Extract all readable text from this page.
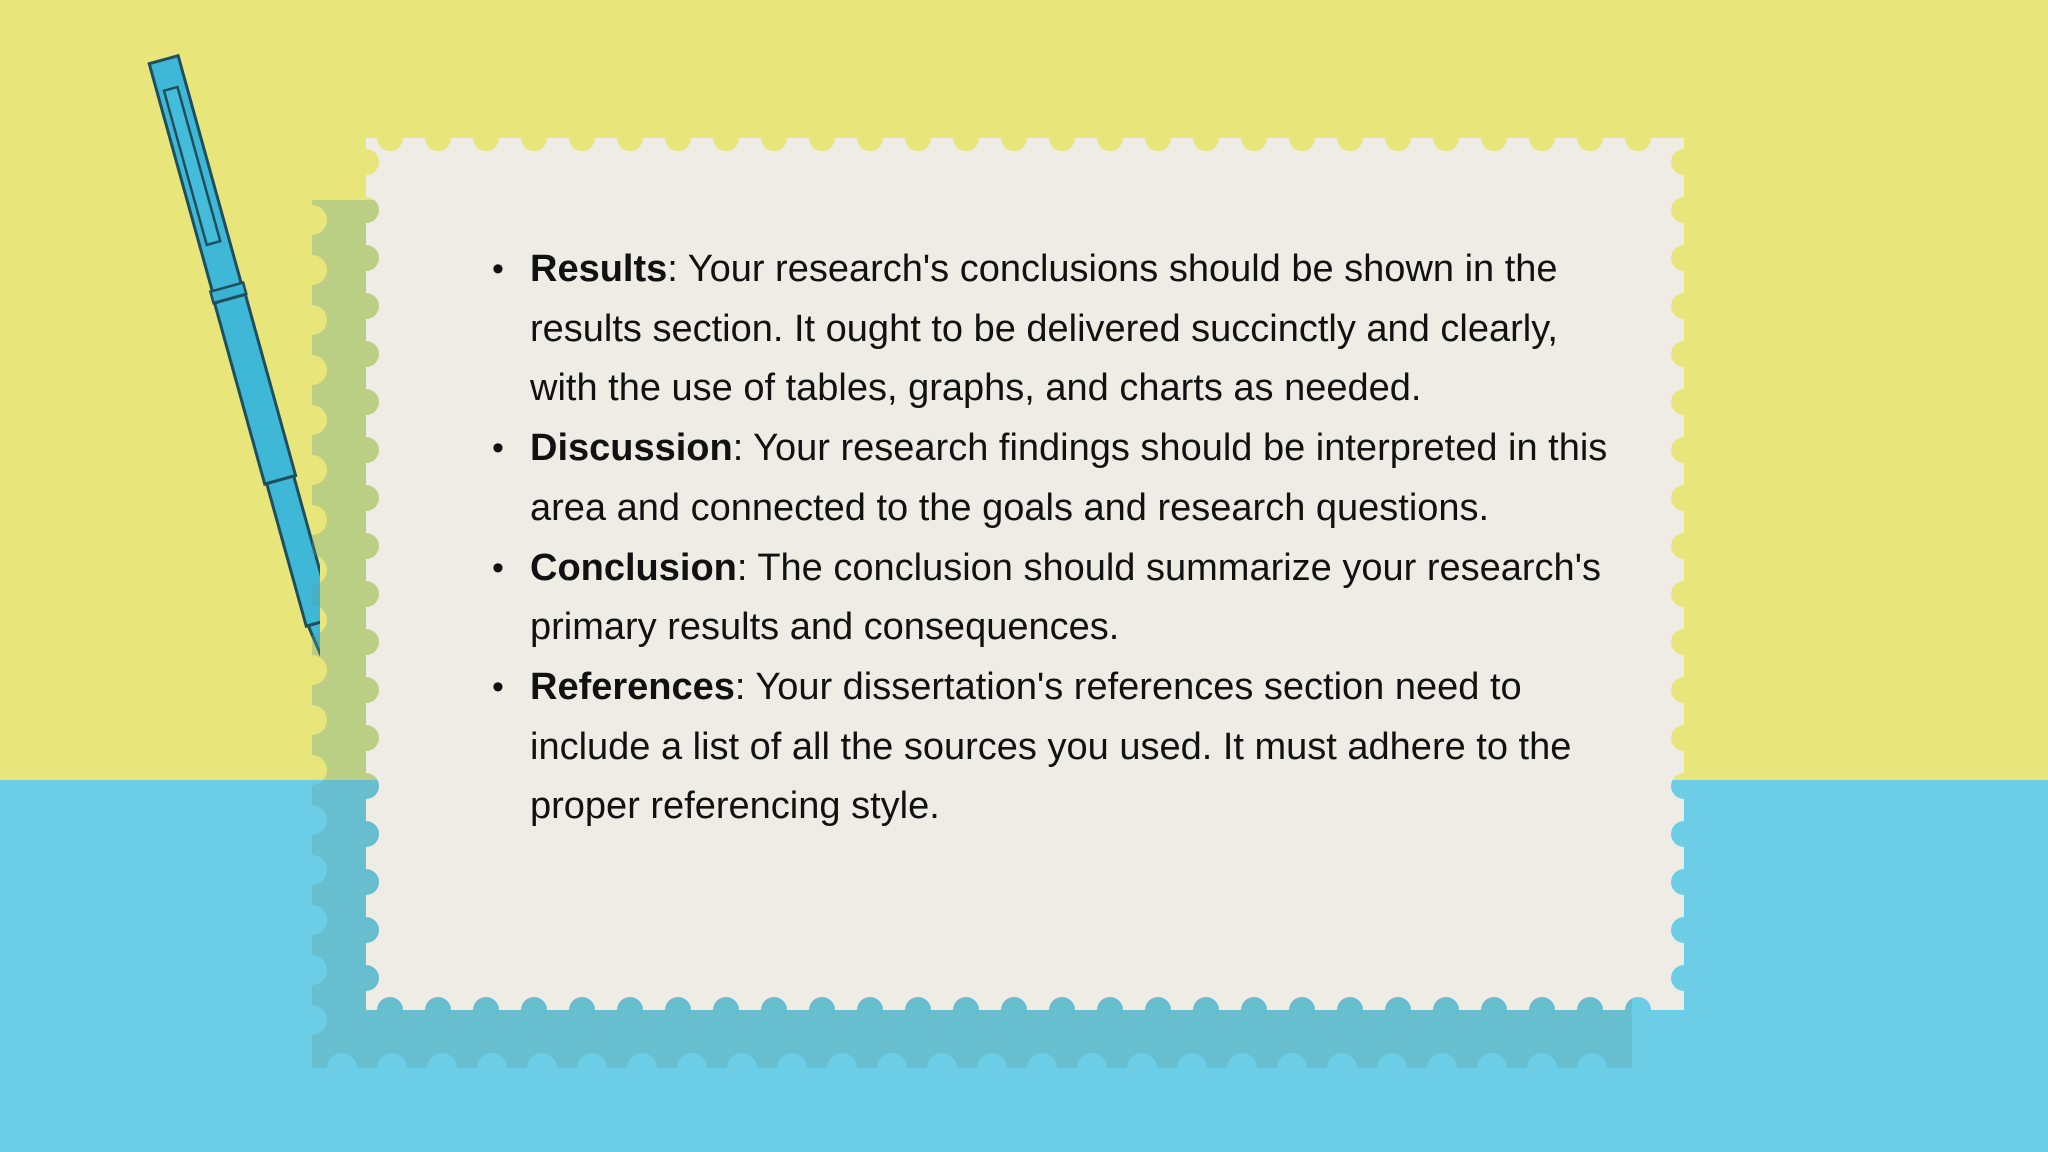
• Results: Your research's conclusions should be shown in the results section. It ought to be delivered succinctly and clearly, with the use of tables, graphs, and charts as needed.
• Discussion: Your research findings should be interpreted in this area and connected to the goals and research questions.
• Conclusion: The conclusion should summarize your research's primary results and consequences.
• References: Your dissertation's references section need to include a list of all the sources you used. It must adhere to the proper referencing style.
